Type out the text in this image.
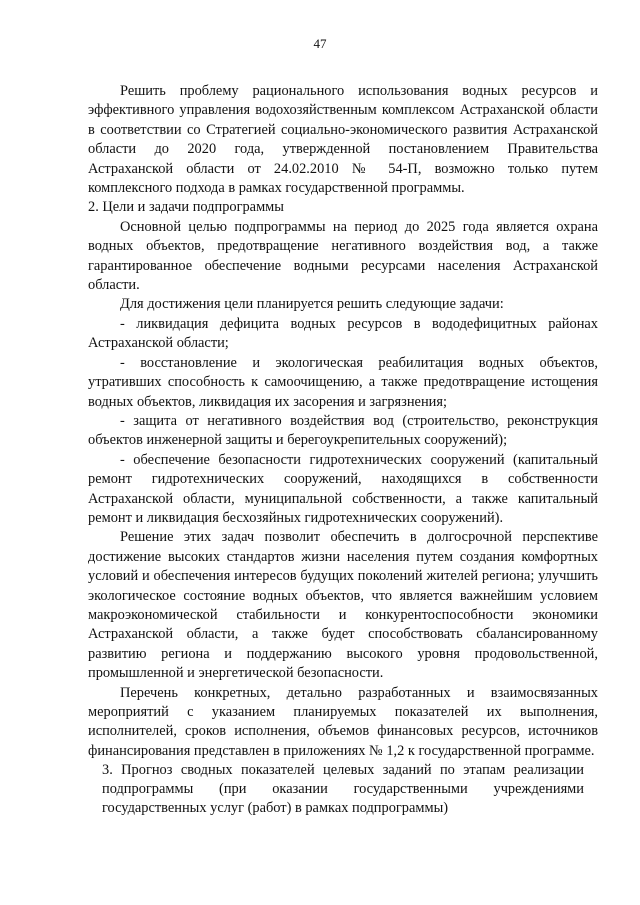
47

Решить проблему рационального использования водных ресурсов и эффективного управления водохозяйственным комплексом Астраханской области в соответствии со Стратегией социально-экономического развития Астраханской области до 2020 года, утвержденной постановлением Правительства Астраханской области от 24.02.2010 № 54-П, возможно только путем комплексного подхода в рамках государственной программы.

2. Цели и задачи подпрограммы

Основной целью подпрограммы на период до 2025 года является охрана водных объектов, предотвращение негативного воздействия вод, а также гарантированное обеспечение водными ресурсами населения Астраханской области.

Для достижения цели планируется решить следующие задачи:

- ликвидация дефицита водных ресурсов в вододефицитных районах Астраханской области;

- восстановление и экологическая реабилитация водных объектов, утративших способность к самоочищению, а также предотвращение истощения водных объектов, ликвидация их засорения и загрязнения;

- защита от негативного воздействия вод (строительство, реконструкция объектов инженерной защиты и берегоукрепительных сооружений);

- обеспечение безопасности гидротехнических сооружений (капитальный ремонт гидротехнических сооружений, находящихся в собственности Астраханской области, муниципальной собственности, а также капитальный ремонт и ликвидация бесхозяйных гидротехнических сооружений).

Решение этих задач позволит обеспечить в долгосрочной перспективе достижение высоких стандартов жизни населения путем создания комфортных условий и обеспечения интересов будущих поколений жителей региона; улучшить экологическое состояние водных объектов, что является важнейшим условием макроэкономической стабильности и конкурентоспособности экономики Астраханской области, а также будет способствовать сбалансированному развитию региона и поддержанию высокого уровня продовольственной, промышленной и энергетической безопасности.

Перечень конкретных, детально разработанных и взаимосвязанных мероприятий с указанием планируемых показателей их выполнения, исполнителей, сроков исполнения, объемов финансовых ресурсов, источников финансирования представлен в приложениях № 1,2 к государственной программе.

3. Прогноз сводных показателей целевых заданий по этапам реализации подпрограммы (при оказании государственными учреждениями государственных услуг (работ) в рамках подпрограммы)
